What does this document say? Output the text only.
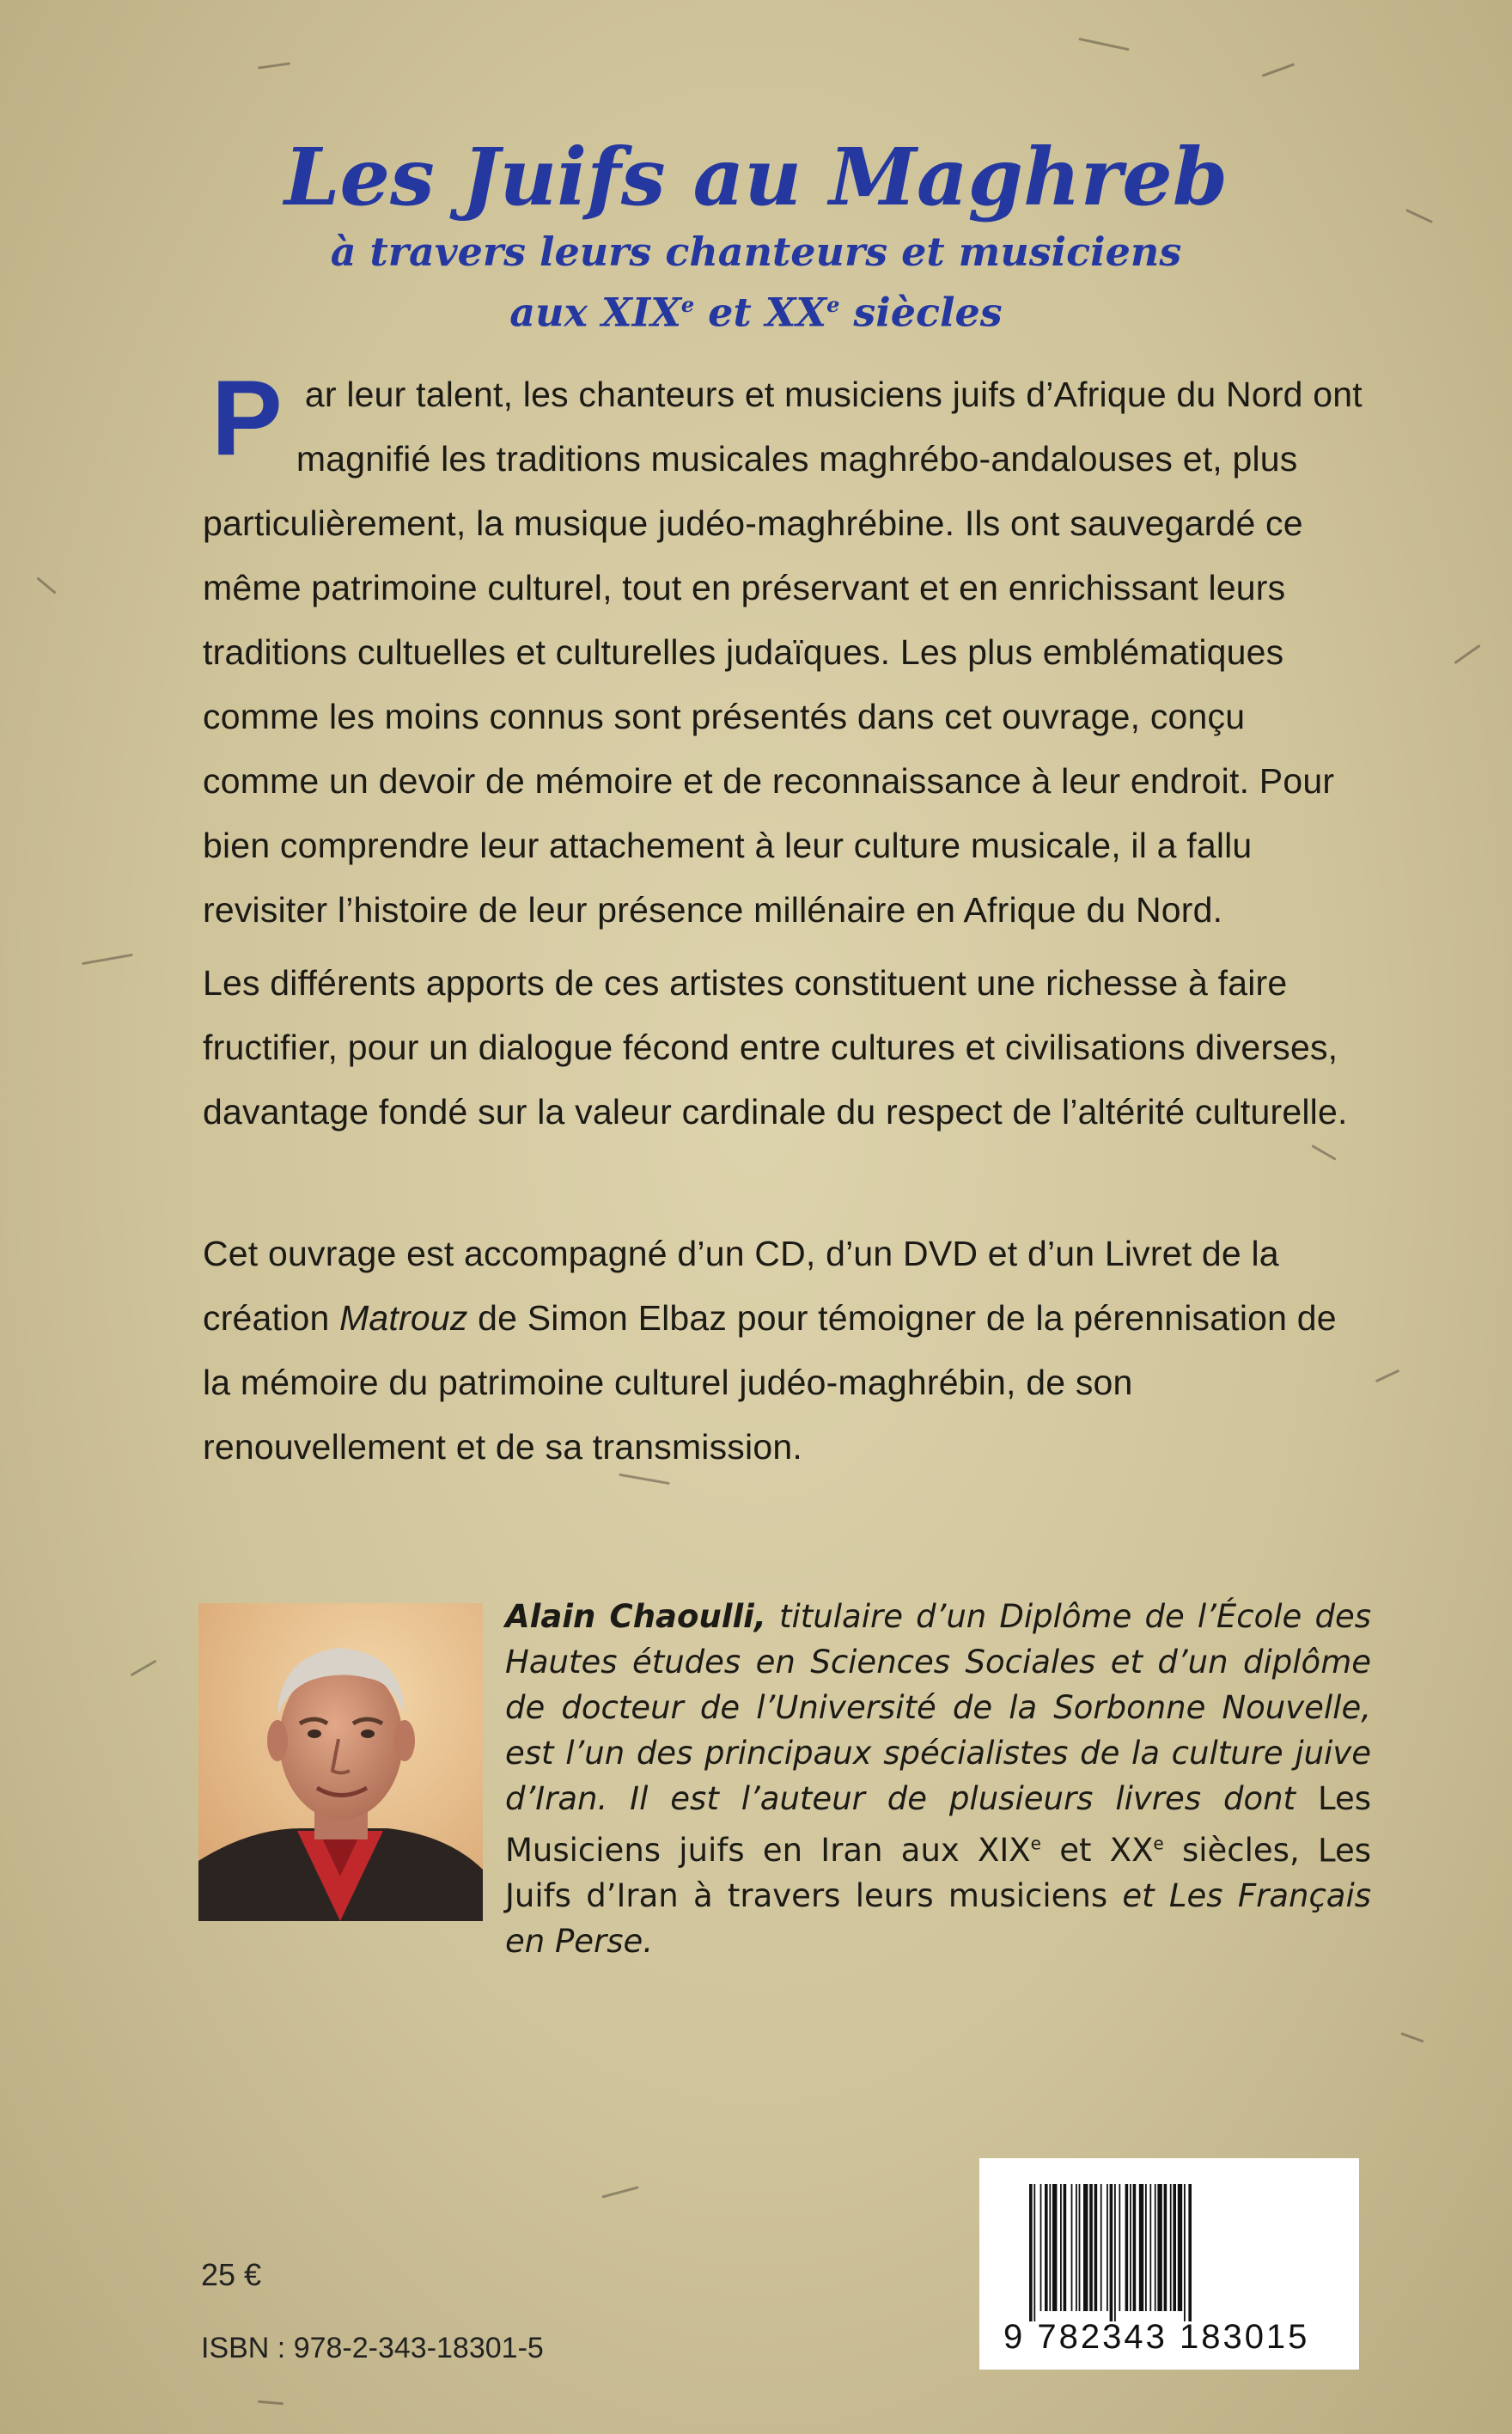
Les Juifs au Maghreb
à travers leurs chanteurs et musiciens
aux XIXe et XXe siècles
Par leur talent, les chanteurs et musiciens juifs d’Afrique du Nord ont magnifié les traditions musicales maghrébo-andalouses et, plus particulièrement, la musique judéo-maghrébine. Ils ont sauvegardé ce même patrimoine culturel, tout en préservant et en enrichissant leurs traditions cultuelles et culturelles judaïques. Les plus emblématiques comme les moins connus sont présentés dans cet ouvrage, conçu comme un devoir de mémoire et de reconnaissance à leur endroit. Pour bien comprendre leur attachement à leur culture musicale, il a fallu revisiter l’histoire de leur présence millénaire en Afrique du Nord.
Les différents apports de ces artistes constituent une richesse à faire fructifier, pour un dialogue fécond entre cultures et civilisations diverses, davantage fondé sur la valeur cardinale du respect de l’altérité culturelle.
Cet ouvrage est accompagné d’un CD, d’un DVD et d’un Livret de la création Matrouz de Simon Elbaz pour témoigner de la pérennisation de la mémoire du patrimoine culturel judéo-maghrébin, de son renouvellement et de sa transmission.
Alain Chaoulli, titulaire d’un Diplôme de l’École des Hautes études en Sciences Sociales et d’un diplôme de docteur de l’Université de la Sorbonne Nouvelle, est l’un des principaux spécialistes de la culture juive d’Iran. Il est l’auteur de plusieurs livres dont Les Musiciens juifs en Iran aux XIXe et XXe siècles, Les Juifs d’Iran à travers leurs musiciens et Les Français en Perse.
25 €
ISBN : 978-2-343-18301-5	9 782343 183015
